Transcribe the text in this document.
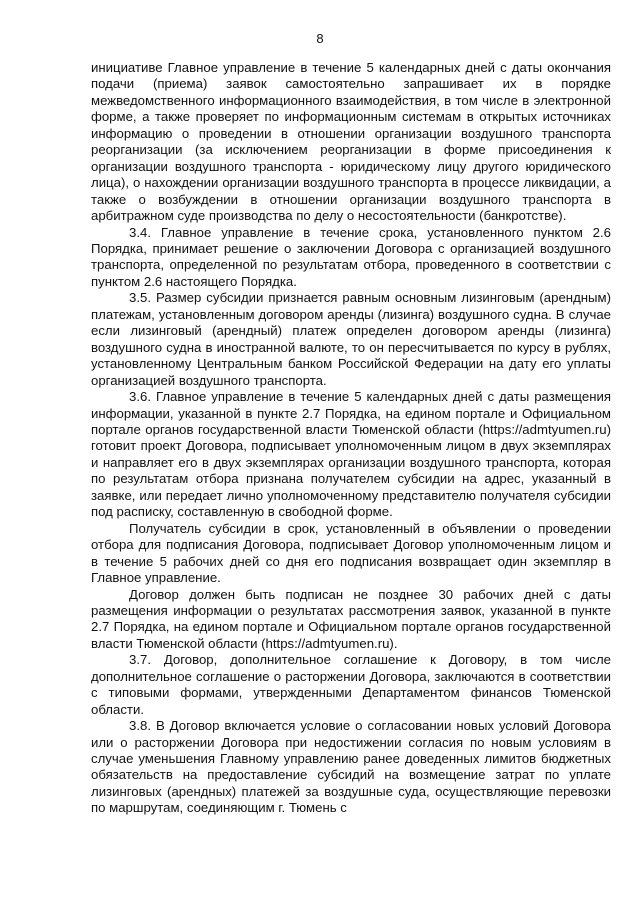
8

инициативе Главное управление в течение 5 календарных дней с даты окончания подачи (приема) заявок самостоятельно запрашивает их в порядке межведомственного информационного взаимодействия, в том числе в электронной форме, а также проверяет по информационным системам в открытых источниках информацию о проведении в отношении организации воздушного транспорта реорганизации (за исключением реорганизации в форме присоединения к организации воздушного транспорта - юридическому лицу другого юридического лица), о нахождении организации воздушного транспорта в процессе ликвидации, а также о возбуждении в отношении организации воздушного транспорта в арбитражном суде производства по делу о несостоятельности (банкротстве).

3.4. Главное управление в течение срока, установленного пунктом 2.6 Порядка, принимает решение о заключении Договора с организацией воздушного транспорта, определенной по результатам отбора, проведенного в соответствии с пунктом 2.6 настоящего Порядка.

3.5. Размер субсидии признается равным основным лизинговым (арендным) платежам, установленным договором аренды (лизинга) воздушного судна. В случае если лизинговый (арендный) платеж определен договором аренды (лизинга) воздушного судна в иностранной валюте, то он пересчитывается по курсу в рублях, установленному Центральным банком Российской Федерации на дату его уплаты организацией воздушного транспорта.

3.6. Главное управление в течение 5 календарных дней с даты размещения информации, указанной в пункте 2.7 Порядка, на едином портале и Официальном портале органов государственной власти Тюменской области (https://admtyumen.ru) готовит проект Договора, подписывает уполномоченным лицом в двух экземплярах и направляет его в двух экземплярах организации воздушного транспорта, которая по результатам отбора признана получателем субсидии на адрес, указанный в заявке, или передает лично уполномоченному представителю получателя субсидии под расписку, составленную в свободной форме.

Получатель субсидии в срок, установленный в объявлении о проведении отбора для подписания Договора, подписывает Договор уполномоченным лицом и в течение 5 рабочих дней со дня его подписания возвращает один экземпляр в Главное управление.

Договор должен быть подписан не позднее 30 рабочих дней с даты размещения информации о результатах рассмотрения заявок, указанной в пункте 2.7 Порядка, на едином портале и Официальном портале органов государственной власти Тюменской области (https://admtyumen.ru).

3.7. Договор, дополнительное соглашение к Договору, в том числе дополнительное соглашение о расторжении Договора, заключаются в соответствии с типовыми формами, утвержденными Департаментом финансов Тюменской области.

3.8. В Договор включается условие о согласовании новых условий Договора или о расторжении Договора при недостижении согласия по новым условиям в случае уменьшения Главному управлению ранее доведенных лимитов бюджетных обязательств на предоставление субсидий на возмещение затрат по уплате лизинговых (арендных) платежей за воздушные суда, осуществляющие перевозки по маршрутам, соединяющим г. Тюмень с
